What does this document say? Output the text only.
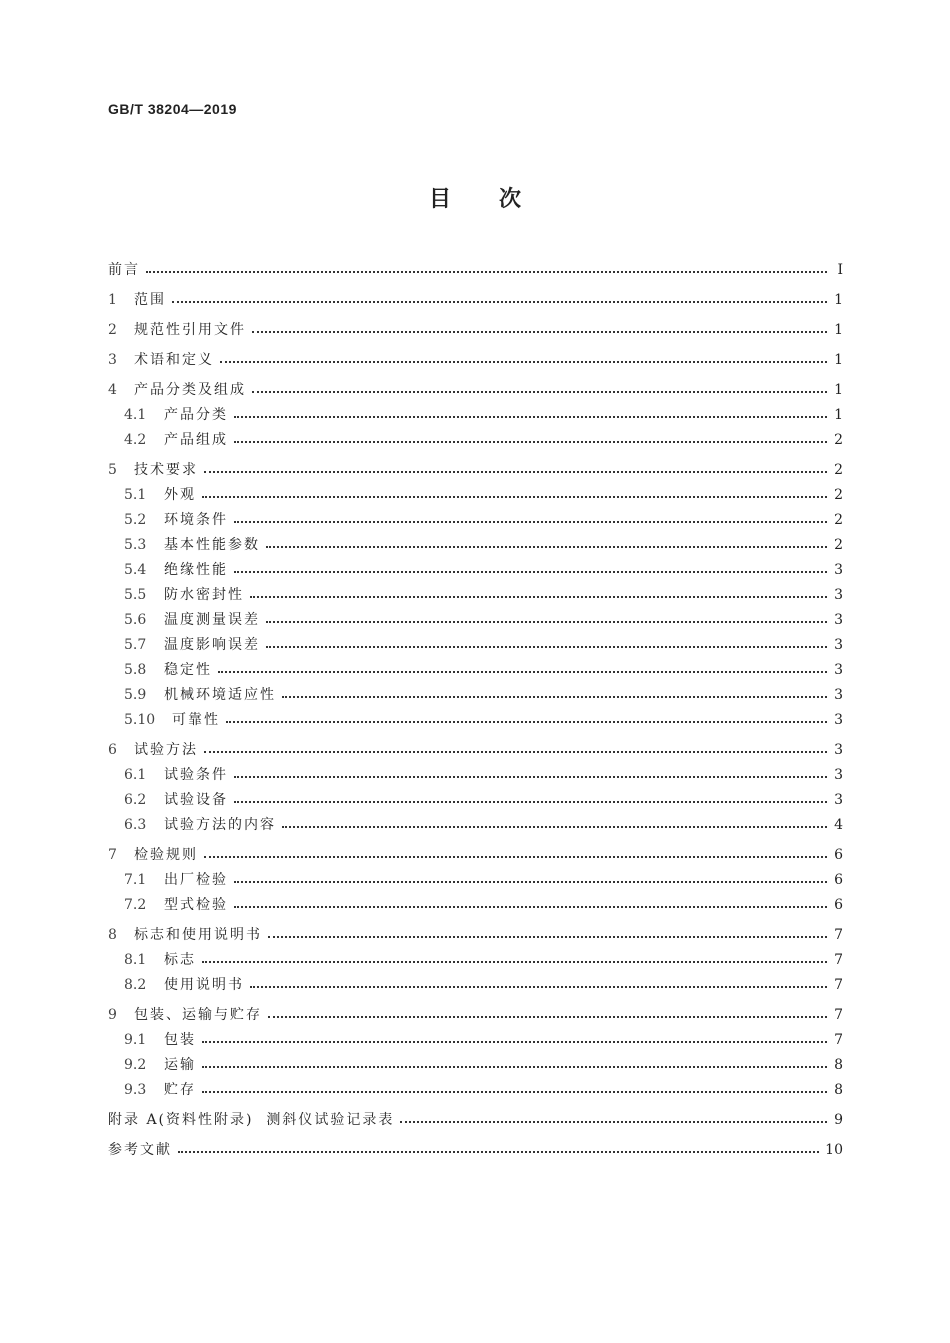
GB/T 38204—2019
目次
前言	Ⅰ
1	范围	1
2	规范性引用文件	1
3	术语和定义	1
4	产品分类及组成	1
4.1	产品分类	1
4.2	产品组成	2
5	技术要求	2
5.1	外观	2
5.2	环境条件	2
5.3	基本性能参数	2
5.4	绝缘性能	3
5.5	防水密封性	3
5.6	温度测量误差	3
5.7	温度影响误差	3
5.8	稳定性	3
5.9	机械环境适应性	3
5.10	可靠性	3
6	试验方法	3
6.1	试验条件	3
6.2	试验设备	3
6.3	试验方法的内容	4
7	检验规则	6
7.1	出厂检验	6
7.2	型式检验	6
8	标志和使用说明书	7
8.1	标志	7
8.2	使用说明书	7
9	包装、运输与贮存	7
9.1	包装	7
9.2	运输	8
9.3	贮存	8
附录 A(资料性附录)  测斜仪试验记录表	9
参考文献	10
